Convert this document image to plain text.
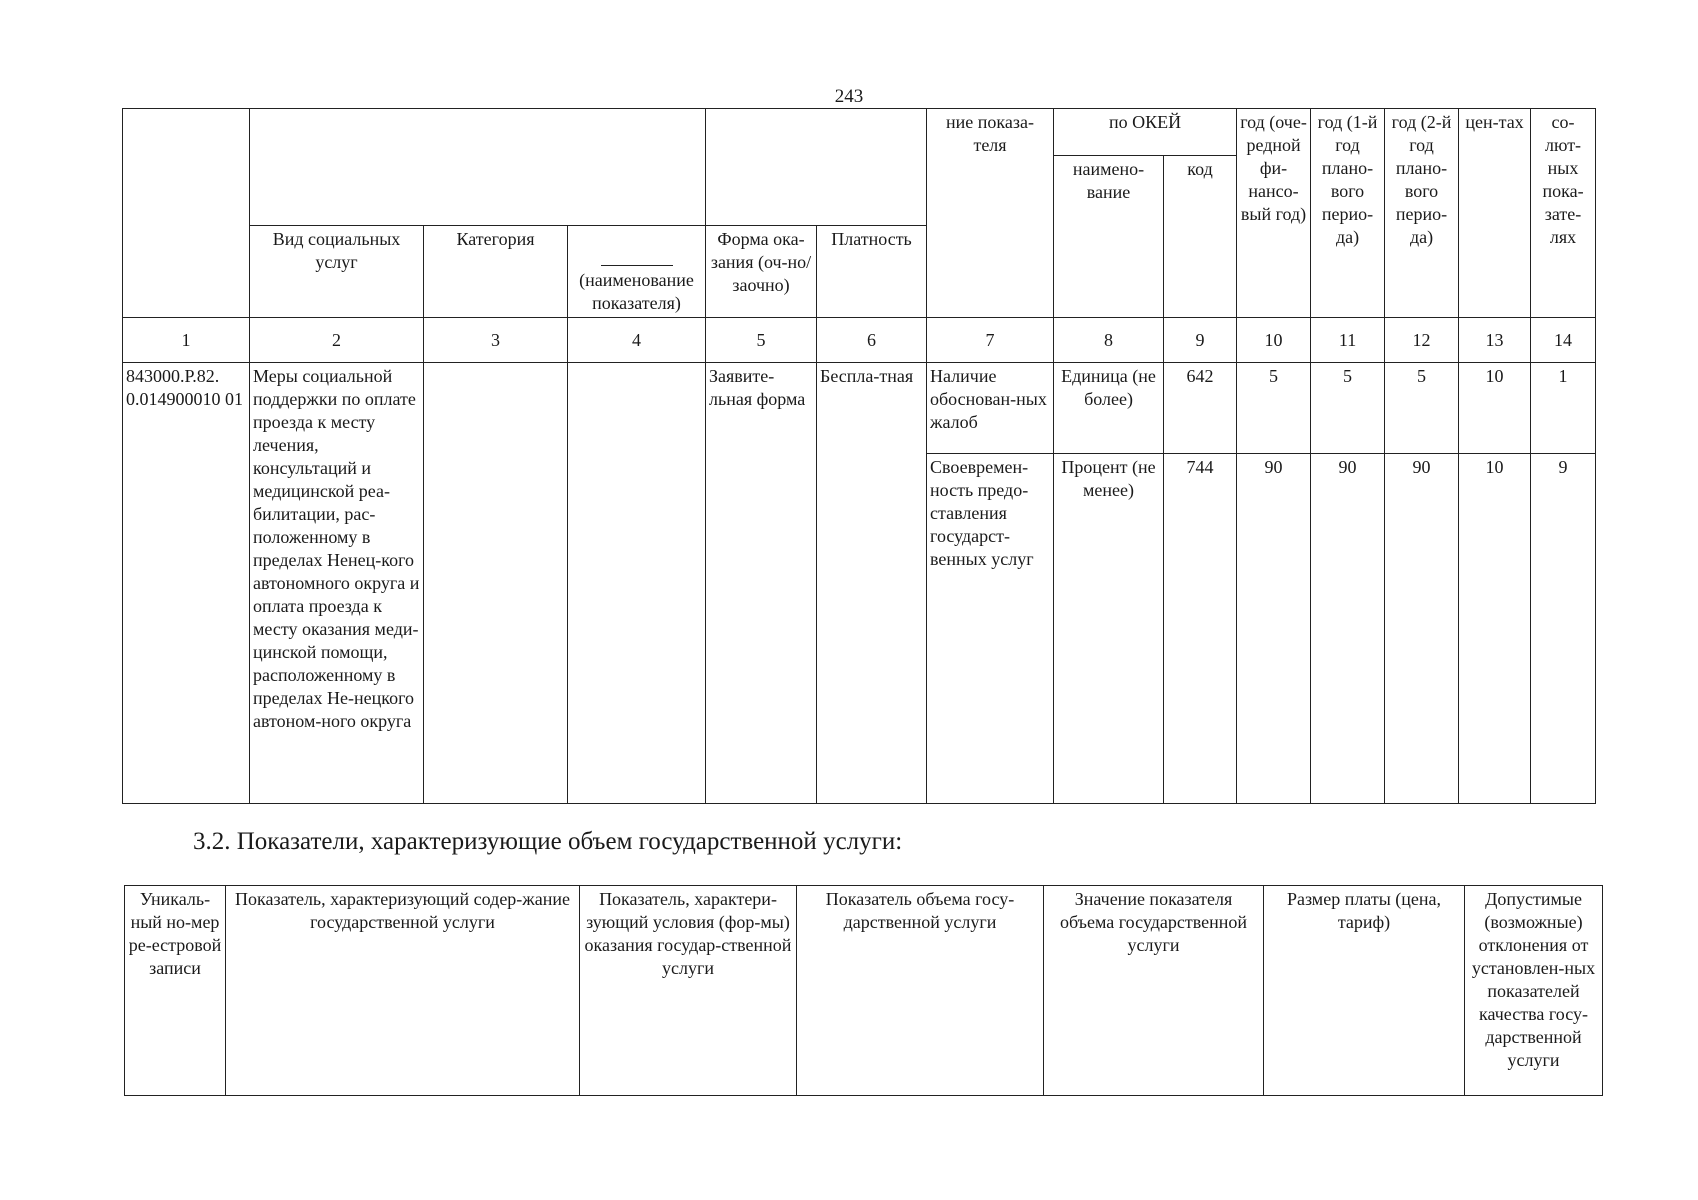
243
						ние показа-теля	по ОКЕЙ		год (оче-редной фи-нансо-вый год)	год (1-й год плано-вого перио-да)	год (2-й год плано-вого перио-да)	цен-тах	со-лют-ных пока-зате-лях
							наимено-вание	код					
	Вид социальных услуг	Категория	(наименование показателя)	Форма ока-зания (оч-но/заочно)	Платность								
1	2	3	4	5	6	7	8	9	10	11	12	13	14
843000.Р.82. 0.014900010 01	Меры социальной поддержки по оплате проезда к месту лечения, консультаций и медицинской реа-билитации, рас-положенному в пределах Ненец-кого автономного округа и оплата проезда к месту оказания меди-цинской помощи, расположенному в пределах Не-нецкого автоном-ного округа			Заявите-льная форма	Беспла-тная	Наличие обоснован-ных жалоб	Единица (не более)	642	5	5	5	10	1
						Своевремен-ность предо-ставления государст-венных услуг	Процент (не менее)	744	90	90	90	10	9
3.2. Показатели, характеризующие объем государственной услуги:
Уникаль-ный но-мер ре-естровой записи	Показатель, характеризующий содер-жание государственной услуги	Показатель, характери-зующий условия (фор-мы) оказания государ-ственной услуги	Показатель объема госу-дарственной услуги	Значение показателя объема государственной услуги	Размер платы (цена, тариф)	Допустимые (возможные) отклонения от установлен-ных показателей качества госу-дарственной услуги
